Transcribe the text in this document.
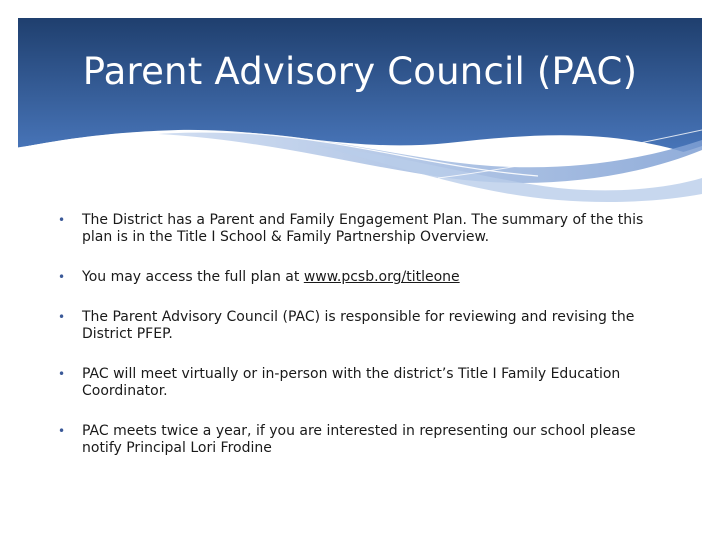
Parent Advisory Council (PAC)
• The District has a Parent and Family Engagement Plan. The summary of the this plan is in the Title I School & Family Partnership Overview.
• You may access the full plan at www.pcsb.org/titleone
• The Parent Advisory Council (PAC) is responsible for reviewing and revising the District PFEP.
• PAC will meet virtually or in-person with the district’s Title I Family Education Coordinator.
• PAC meets twice a year, if you are interested in representing our school please notify Principal Lori Frodine
